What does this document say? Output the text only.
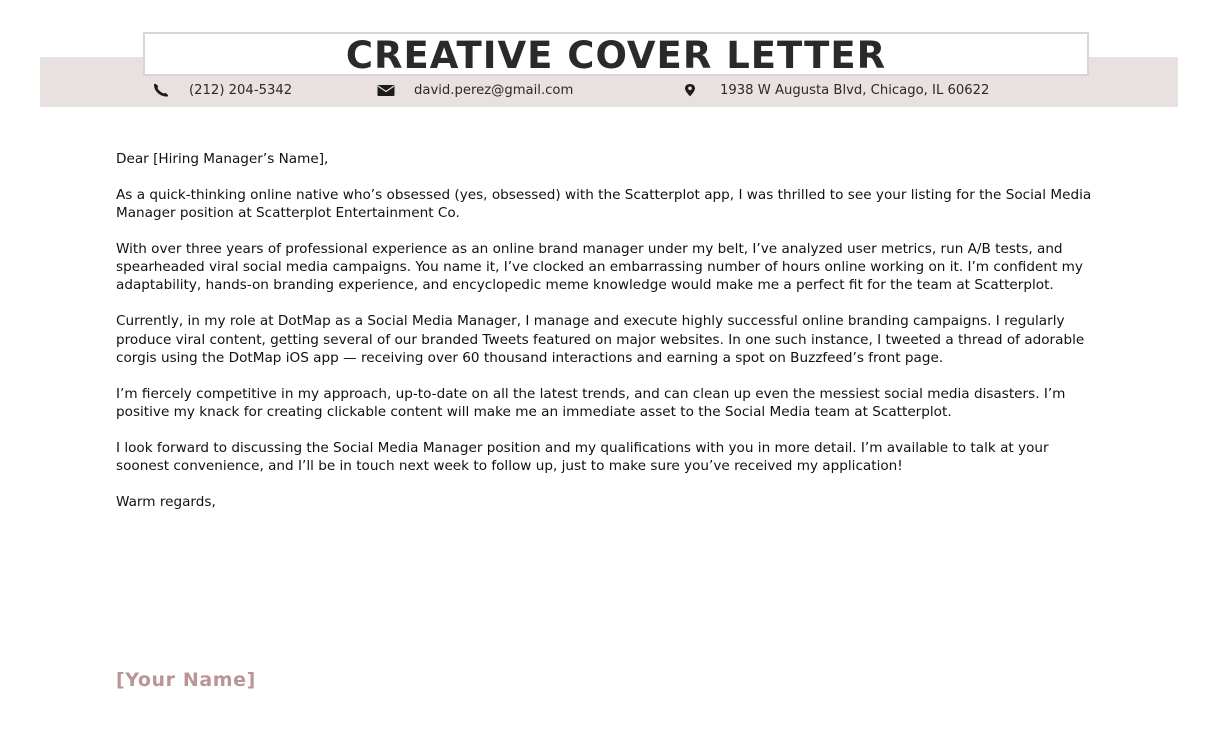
CREATIVE COVER LETTER
(212) 204-5342	david.perez@gmail.com	1938 W Augusta Blvd, Chicago, IL 60622

Dear [Hiring Manager’s Name],

As a quick-thinking online native who’s obsessed (yes, obsessed) with the Scatterplot app, I was thrilled to see your listing for the Social Media Manager position at Scatterplot Entertainment Co.

With over three years of professional experience as an online brand manager under my belt, I’ve analyzed user metrics, run A/B tests, and spearheaded viral social media campaigns. You name it, I’ve clocked an embarrassing number of hours online working on it. I’m confident my adaptability, hands-on branding experience, and encyclopedic meme knowledge would make me a perfect fit for the team at Scatterplot.

Currently, in my role at DotMap as a Social Media Manager, I manage and execute highly successful online branding campaigns. I regularly produce viral content, getting several of our branded Tweets featured on major websites. In one such instance, I tweeted a thread of adorable corgis using the DotMap iOS app — receiving over 60 thousand interactions and earning a spot on Buzzfeed’s front page.

I’m fiercely competitive in my approach, up-to-date on all the latest trends, and can clean up even the messiest social media disasters. I’m positive my knack for creating clickable content will make me an immediate asset to the Social Media team at Scatterplot.

I look forward to discussing the Social Media Manager position and my qualifications with you in more detail. I’m available to talk at your soonest convenience, and I’ll be in touch next week to follow up, just to make sure you’ve received my application!

Warm regards,

[Your Name]
